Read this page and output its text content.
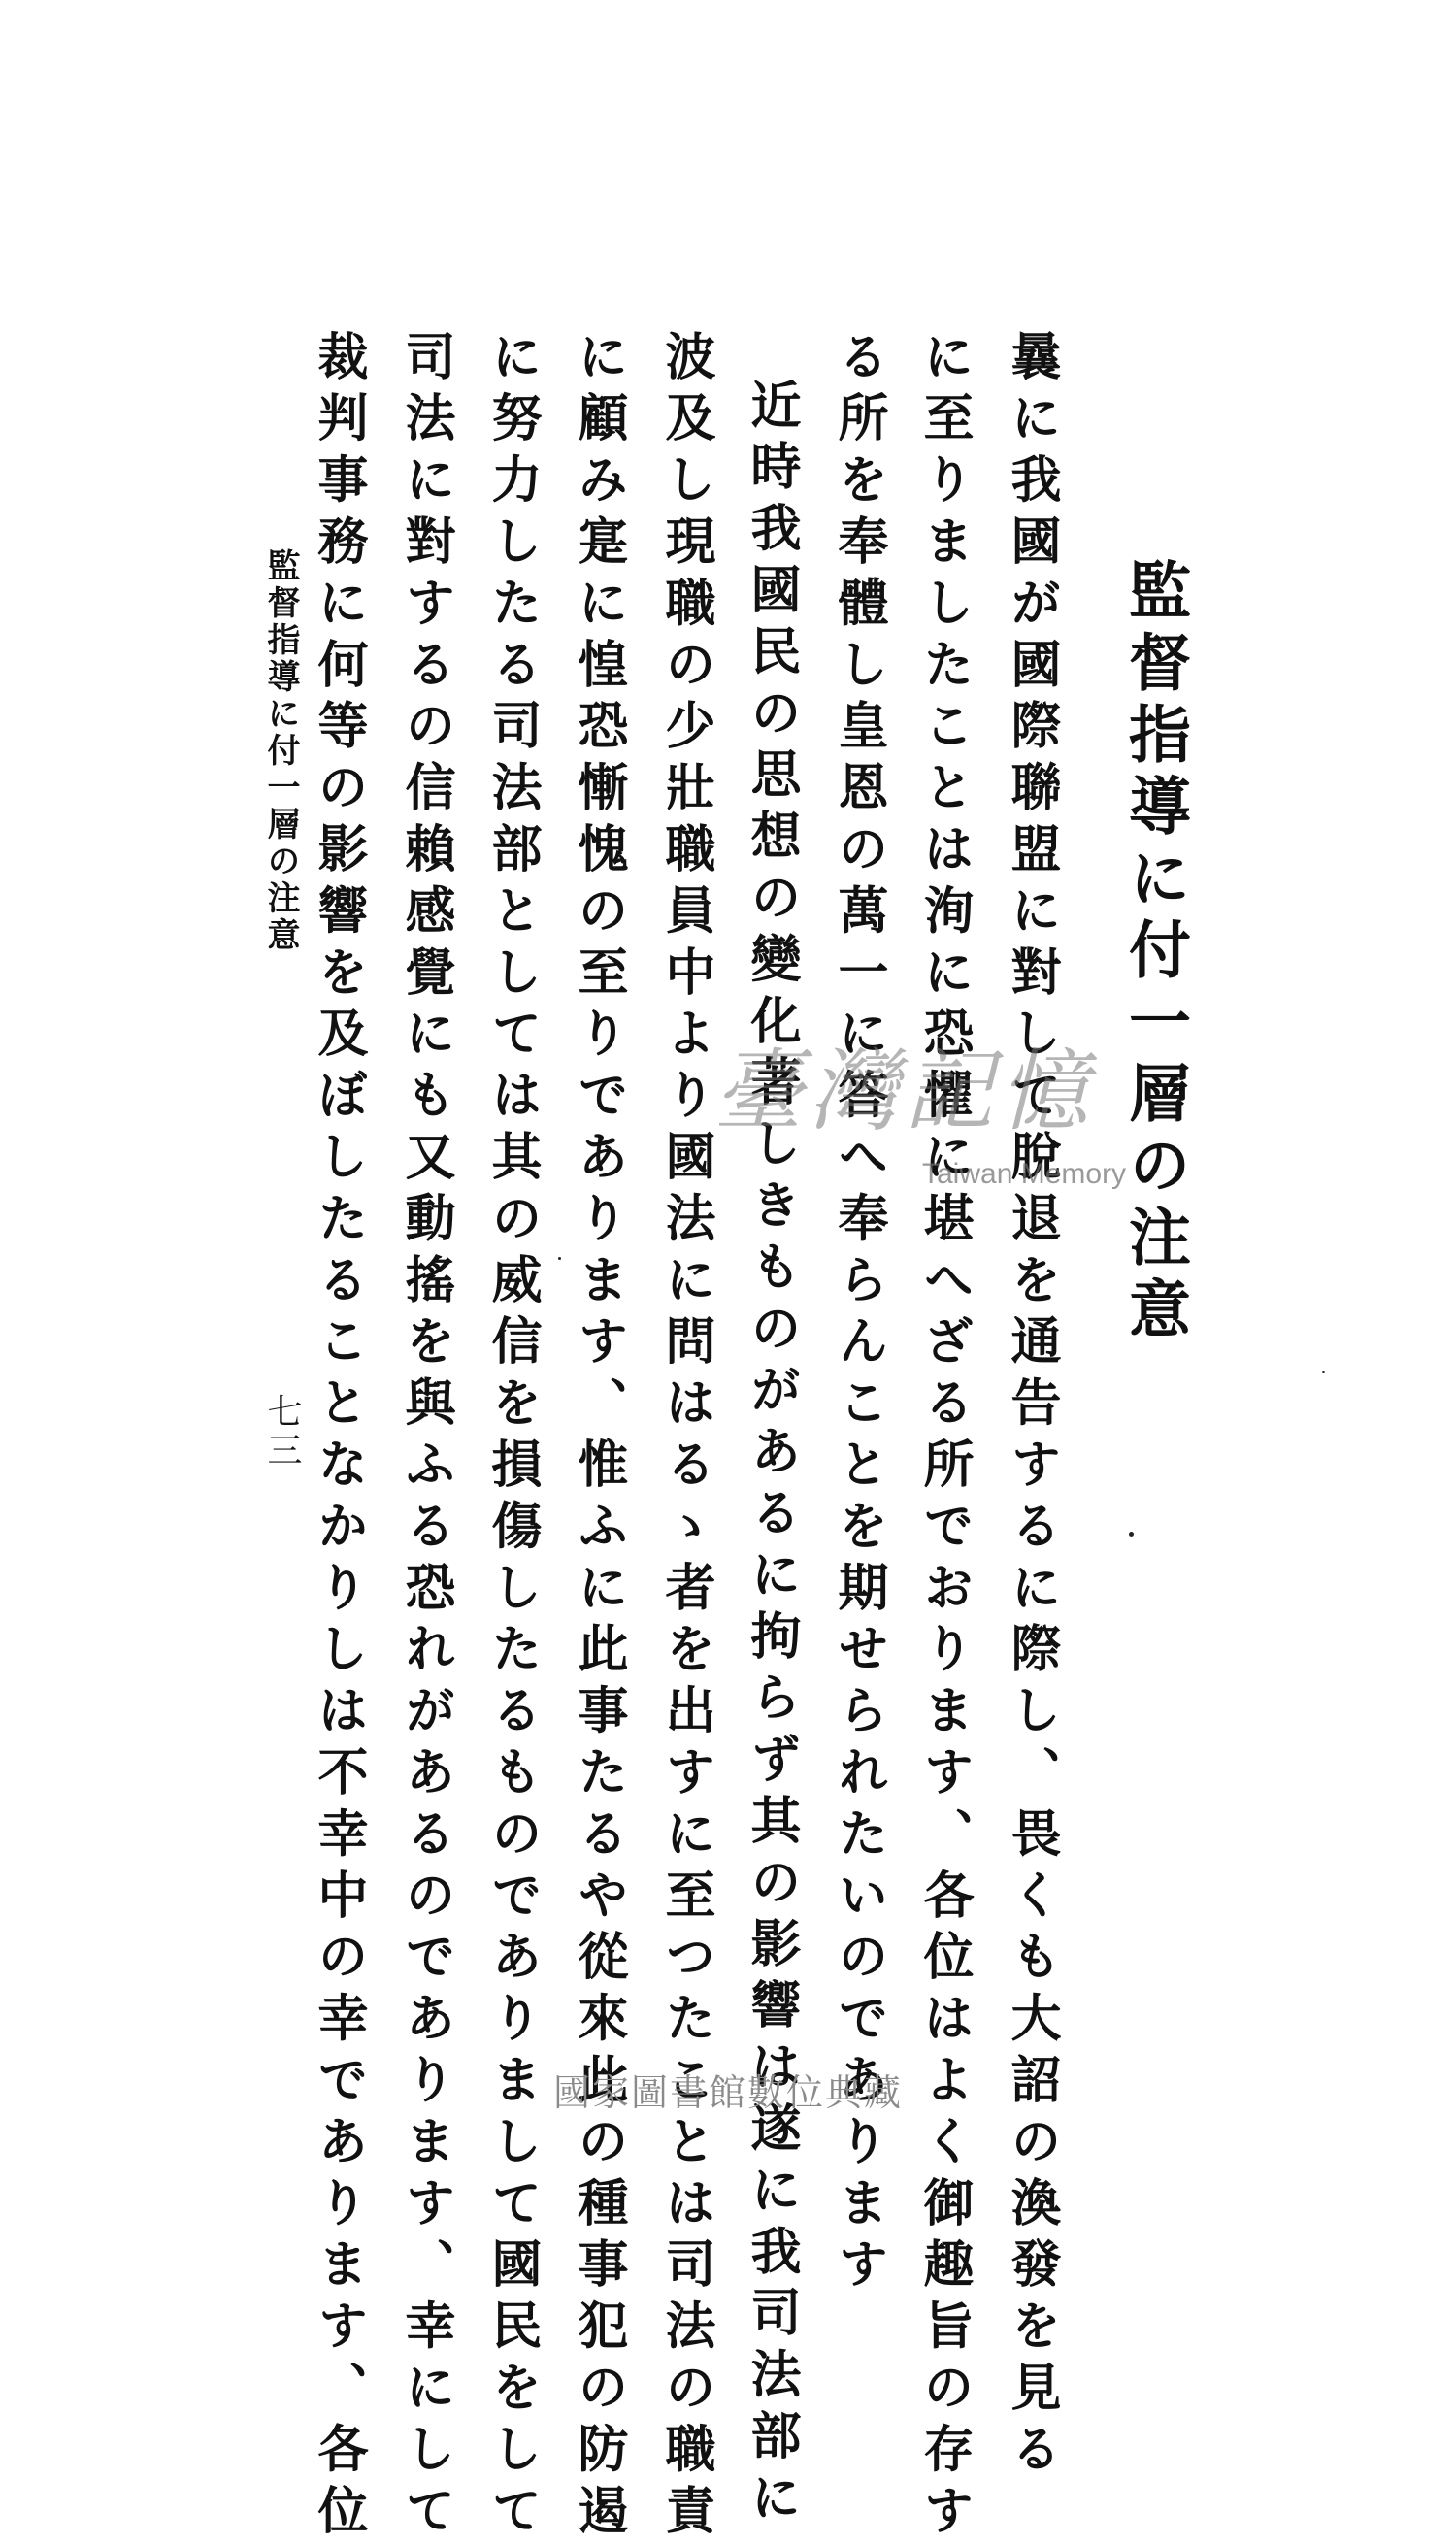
監督指導に付一層の注意
曩に我國が國際聯盟に對して脫退を通告するに際し、畏くも大詔の渙發を見る
に至りましたことは洵に恐懼に堪へざる所でおります、各位はよく御趣旨の存す
る所を奉體し皇恩の萬一に答へ奉らんことを期せられたいのであります
近時我國民の思想の變化著しきものがあるに拘らず其の影響は遂に我司法部に
波及し現職の少壯職員中より國法に問はるゝ者を出すに至つたことは司法の職責
に顧み寔に惶恐慚愧の至りであります、惟ふに此事たるや從來此の種事犯の防遏
に努力したる司法部としては其の威信を損傷したるものでありまして國民をして
司法に對するの信賴感覺にも又動搖を與ふる恐れがあるのであります、幸にして
裁判事務に何等の影響を及ぼしたることなかりしは不幸中の幸であります、各位
監督指導に付一層の注意
七三
臺灣記憶
Taiwan Memory
國家圖書館數位典藏
